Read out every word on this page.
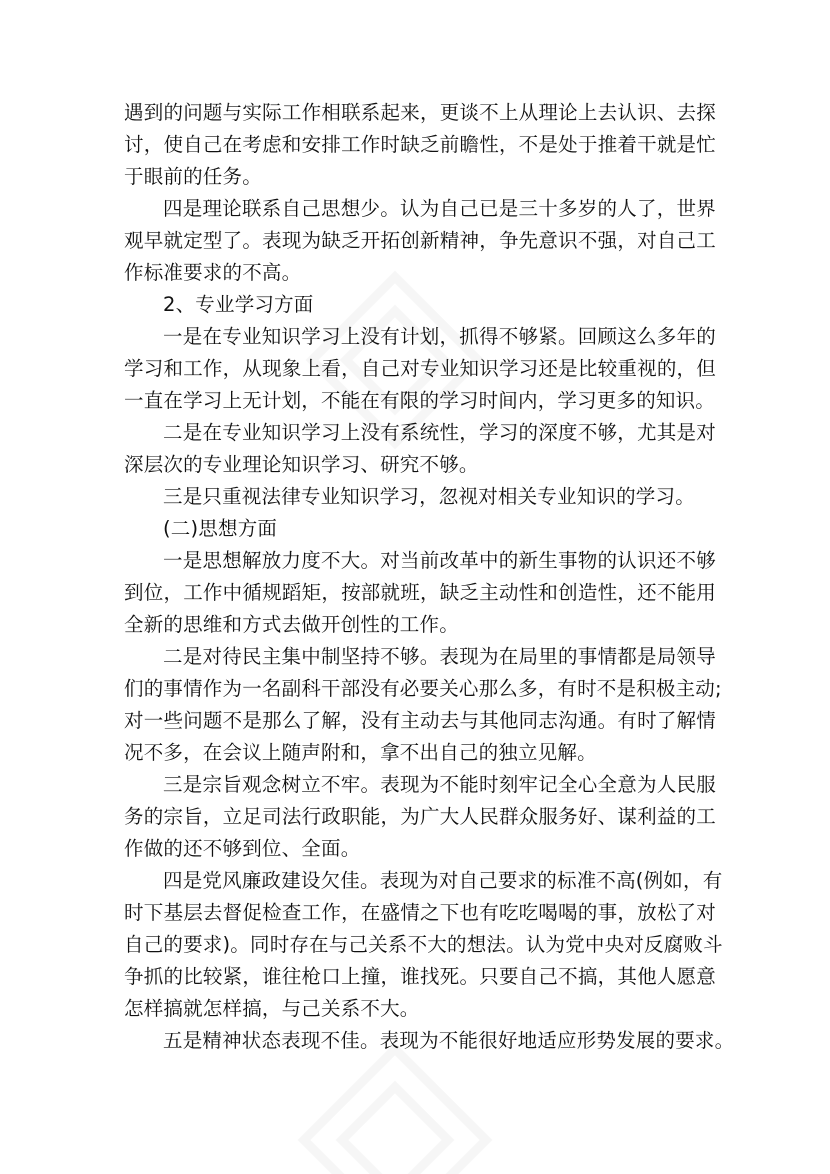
遇到的问题与实际工作相联系起来，更谈不上从理论上去认识、去探

讨，使自己在考虑和安排工作时缺乏前瞻性，不是处于推着干就是忙

于眼前的任务。

四是理论联系自己思想少。认为自己已是三十多岁的人了，世界

观早就定型了。表现为缺乏开拓创新精神，争先意识不强，对自己工

作标准要求的不高。

2、专业学习方面

一是在专业知识学习上没有计划，抓得不够紧。回顾这么多年的

学习和工作，从现象上看，自己对专业知识学习还是比较重视的，但

一直在学习上无计划，不能在有限的学习时间内，学习更多的知识。

二是在专业知识学习上没有系统性，学习的深度不够，尤其是对

深层次的专业理论知识学习、研究不够。

三是只重视法律专业知识学习，忽视对相关专业知识的学习。

(二)思想方面

一是思想解放力度不大。对当前改革中的新生事物的认识还不够

到位，工作中循规蹈矩，按部就班，缺乏主动性和创造性，还不能用

全新的思维和方式去做开创性的工作。

二是对待民主集中制坚持不够。表现为在局里的事情都是局领导

们的事情作为一名副科干部没有必要关心那么多，有时不是积极主动;

对一些问题不是那么了解，没有主动去与其他同志沟通。有时了解情

况不多，在会议上随声附和，拿不出自己的独立见解。

三是宗旨观念树立不牢。表现为不能时刻牢记全心全意为人民服

务的宗旨，立足司法行政职能，为广大人民群众服务好、谋利益的工

作做的还不够到位、全面。

四是党风廉政建设欠佳。表现为对自己要求的标准不高(例如，有

时下基层去督促检查工作，在盛情之下也有吃吃喝喝的事，放松了对

自己的要求)。同时存在与己关系不大的想法。认为党中央对反腐败斗

争抓的比较紧，谁往枪口上撞，谁找死。只要自己不搞，其他人愿意

怎样搞就怎样搞，与己关系不大。

五是精神状态表现不佳。表现为不能很好地适应形势发展的要求。
